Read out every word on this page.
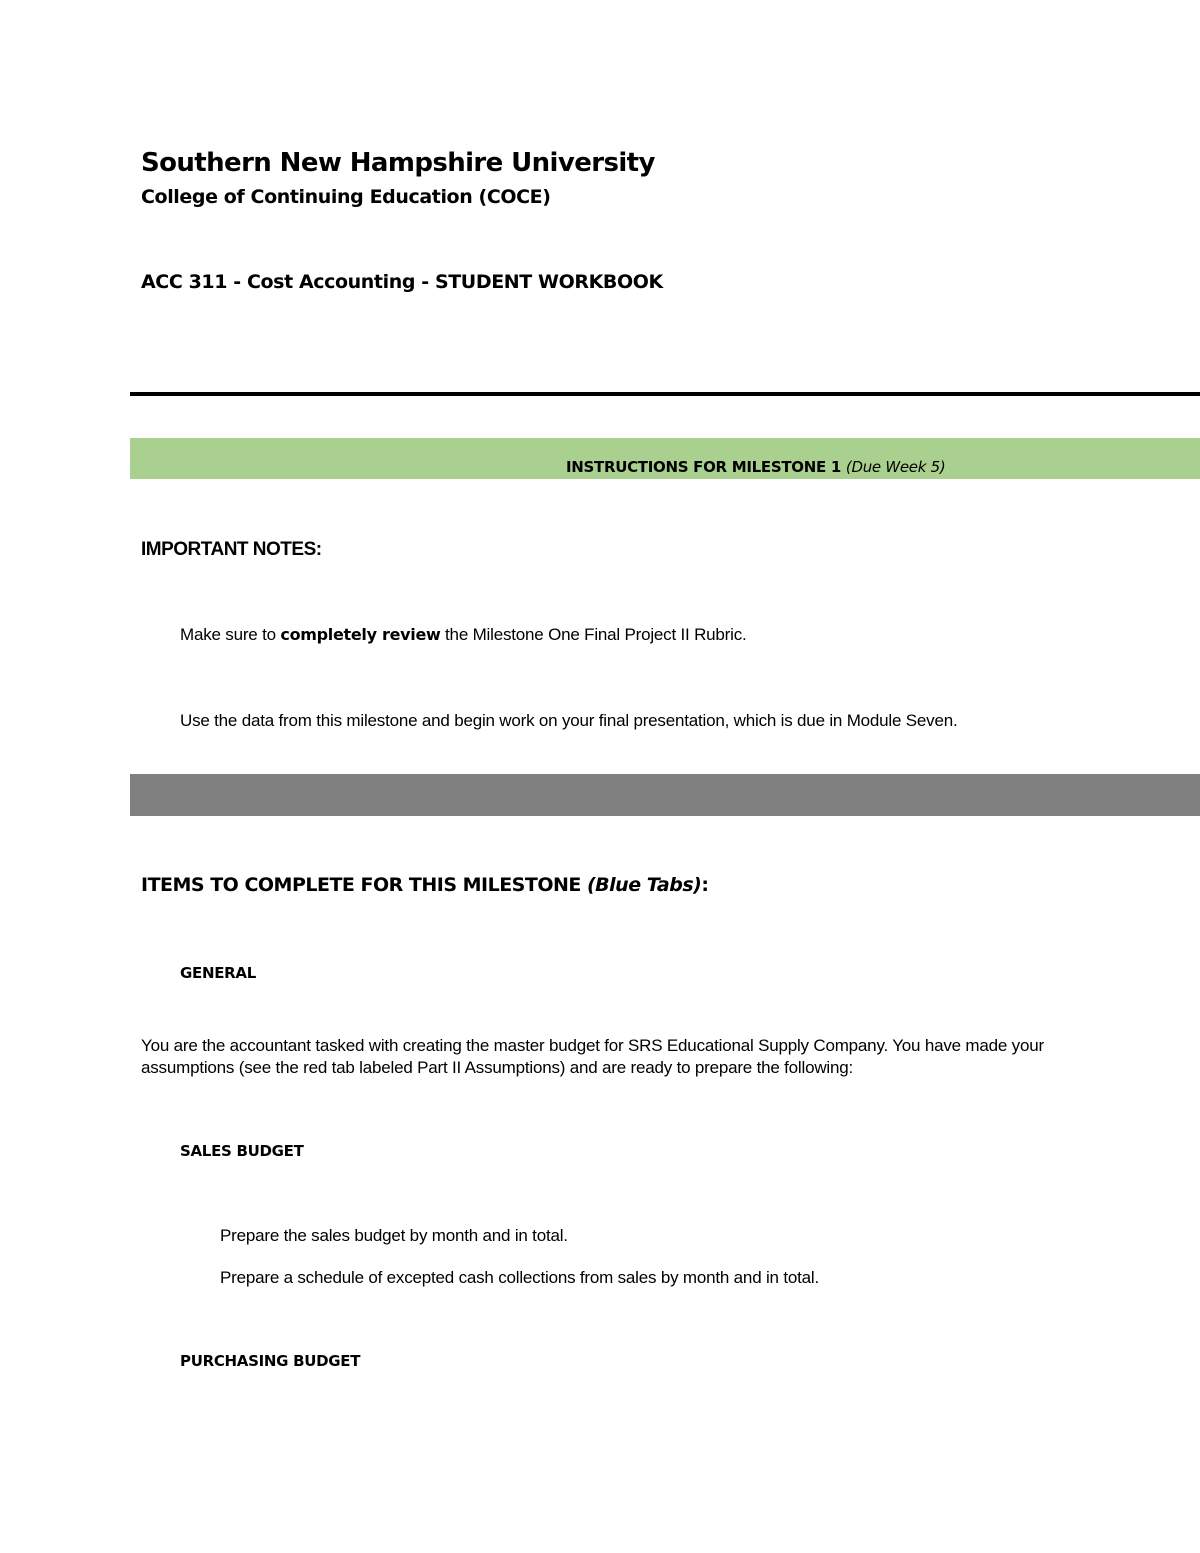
Southern New Hampshire University
College of Continuing Education (COCE)
ACC 311 - Cost Accounting - STUDENT WORKBOOK
INSTRUCTIONS FOR MILESTONE 1 (Due Week 5)
IMPORTANT NOTES:
Make sure to completely review the Milestone One Final Project II Rubric.
Use the data from this milestone and begin work on your final presentation, which is due in Module Seven.
ITEMS TO COMPLETE FOR THIS MILESTONE (Blue Tabs):
GENERAL
You are the accountant tasked with creating the master budget for SRS Educational Supply Company. You have made your
assumptions (see the red tab labeled Part II Assumptions) and are ready to prepare the following:
SALES BUDGET
Prepare the sales budget by month and in total.
Prepare a schedule of excepted cash collections from sales by month and in total.
PURCHASING BUDGET
